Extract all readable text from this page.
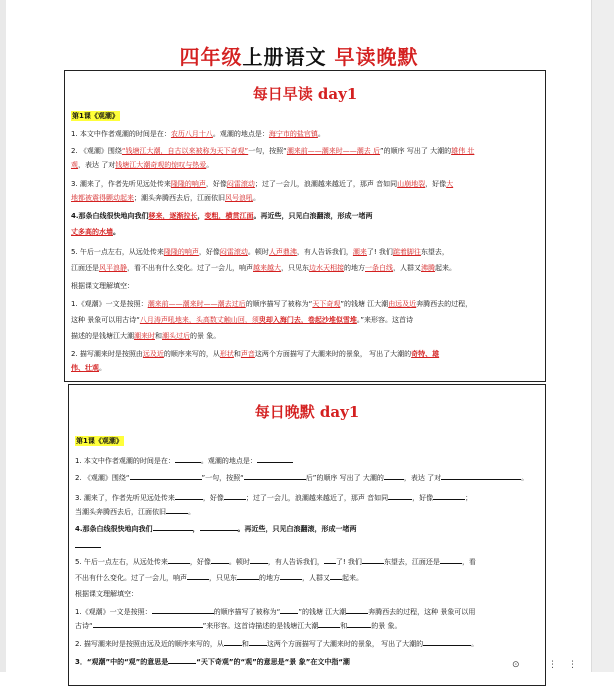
四年级上册语文 早读晚默
每日早读 day1
第1课《观潮》
1. 本文中作者观潮的时间是在：农历八月十八。观潮的地点是：海宁市的盐官镇。
2. 《观潮》围绕“钱塘江大潮，自古以来被称为天下奇观”一句，按照“潮来前——潮来时——潮去 后”的顺序 写出了 大潮的雄伟 壮
观，表达 了对钱塘江大潮奇观的惊叹与热爱。
3. 潮来了，作者先听见远处传来隆隆的响声，好像闷雷滚动；过了一会儿，浪潮越来越近了，那声 音如同山崩地裂，好像大
地都被震得颤动起来；潮头奔腾西去后，江面依旧风号浪吼。
4.那条白线很快地向我们移来，逐渐拉长，变粗，横贯江面。再近些，只见白浪翻滚，形成一堵两
丈多高的水墙。
5. 午后一点左右，从远处传来隆隆的响声，好像闷雷滚动。顿时人声鼎沸，有人告诉我们，潮来了! 我们踮着脚往东望去，
江面还是风平浪静，看不出有什么变化。过了一会儿，响声越来越大，只见东边水天相接的地方一条白线，人群又沸腾起来。
根据课文理解填空：
1.《观潮》一文是按照：潮来前——潮来时——潮去过后的顺序描写了被称为“天下奇观”的钱塘 江大潮由远及近奔腾西去的过程，
这种 景象可以用古诗“八月涛声吼地来，头高数丈触山回，须臾却入海门去，卷起沙堆似雪堆。”来形容。这首诗
描述的是钱塘江大潮潮来时和潮头过后的景 象。
2. 描写潮来时是按照由远及近的顺序来写的，从形状和声音这两个方面描写了大潮来时的景象， 写出了大潮的奇特、雄
伟、壮观。
每日晚默 day1
第1课《观潮》
1. 本文中作者观潮的时间是在：	。观潮的地点是：
2. 《观潮》围绕“	”一句，按照“	后”的顺序 写出了 大潮的	，表达 了对	。
3. 潮来了，作者先听见远处传来	，好像	；过了一会儿，浪潮越来越近了，那声 音如同	，好像	；
当潮头奔腾西去后，江面依旧	。
4.那条白线很快地向我们	，	。再近些，只见白浪翻滚，形成一堵两
5. 午后一点左右，从远处传来	，好像	。顿时	，有人告诉我们， 了! 我们	东望去，江面还是	，看
不出有什么变化。过了一会儿，响声	，只见东	的地方	，人群又 起来。
根据课文理解填空：
1.《观潮》一文是按照：	的顺序描写了被称为“	”的钱塘 江大潮	奔腾西去的过程，这种 景象可以用
古诗“	”来形容。这首诗描述的是钱塘江大潮	和	的景 象。
2. 描写潮来时是按照由远及近的顺序来写的，从	和	这两个方面描写了大潮来时的景象， 写出了大潮的	。
3．“观潮”中的“观”的意思是	“天下奇观”的“观”的意思是“景 象”在文中指“潮	⊙	⋮ ⋮
